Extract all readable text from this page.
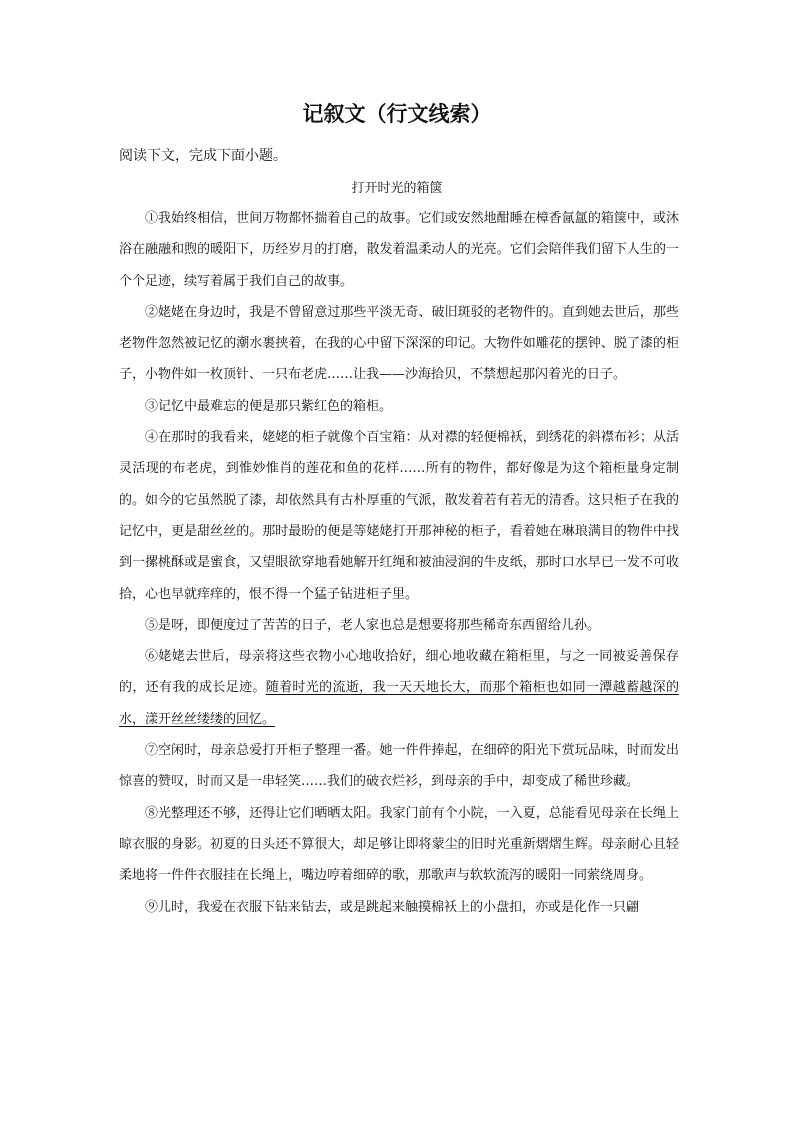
记叙文（行文线索）
阅读下文，完成下面小题。
打开时光的箱箧

①我始终相信，世间万物都怀揣着自己的故事。它们或安然地酣睡在樟香氤氲的箱箧中，或沐浴在融融和煦的暖阳下，历经岁月的打磨，散发着温柔动人的光亮。它们会陪伴我们留下人生的一个个足迹，续写着属于我们自己的故事。

②姥姥在身边时，我是不曾留意过那些平淡无奇、破旧斑驳的老物件的。直到她去世后，那些老物件忽然被记忆的潮水裹挟着，在我的心中留下深深的印记。大物件如雕花的摆钟、脱了漆的柜子，小物件如一枚顶针、一只布老虎……让我——沙海拾贝，不禁想起那闪着光的日子。

③记忆中最难忘的便是那只紫红色的箱柜。

④在那时的我看来，姥姥的柜子就像个百宝箱：从对襟的轻便棉袄，到绣花的斜襟布衫；从活灵活现的布老虎，到惟妙惟肖的莲花和鱼的花样……所有的物件，都好像是为这个箱柜量身定制的。如今的它虽然脱了漆，却依然具有古朴厚重的气派，散发着若有若无的清香。这只柜子在我的记忆中，更是甜丝丝的。那时最盼的便是等姥姥打开那神秘的柜子，看着她在琳琅满目的物件中找到一摞桃酥或是蜜食，又望眼欲穿地看她解开红绳和被油浸润的牛皮纸，那时口水早已一发不可收拾，心也早就痒痒的，恨不得一个猛子钻进柜子里。

⑤是呀，即便度过了苦苦的日子，老人家也总是想要将那些稀奇东西留给儿孙。

⑥姥姥去世后，母亲将这些衣物小心地收拾好，细心地收藏在箱柜里，与之一同被妥善保存的，还有我的成长足迹。随着时光的流逝，我一天天地长大，而那个箱柜也如同一潭越蓄越深的水，漾开丝丝缕缕的回忆。

⑦空闲时，母亲总爱打开柜子整理一番。她一件件捧起，在细碎的阳光下赏玩品味，时而发出惊喜的赞叹，时而又是一串轻笑……我们的破衣烂衫，到母亲的手中，却变成了稀世珍藏。

⑧光整理还不够，还得让它们晒晒太阳。我家门前有个小院，一入夏，总能看见母亲在长绳上晾衣服的身影。初夏的日头还不算很大，却足够让即将蒙尘的旧时光重新熠熠生辉。母亲耐心且轻柔地将一件件衣服挂在长绳上，嘴边哼着细碎的歌，那歌声与软软流泻的暖阳一同萦绕周身。

⑨儿时，我爱在衣服下钻来钻去，或是跳起来触摸棉袄上的小盘扣，亦或是化作一只翩
